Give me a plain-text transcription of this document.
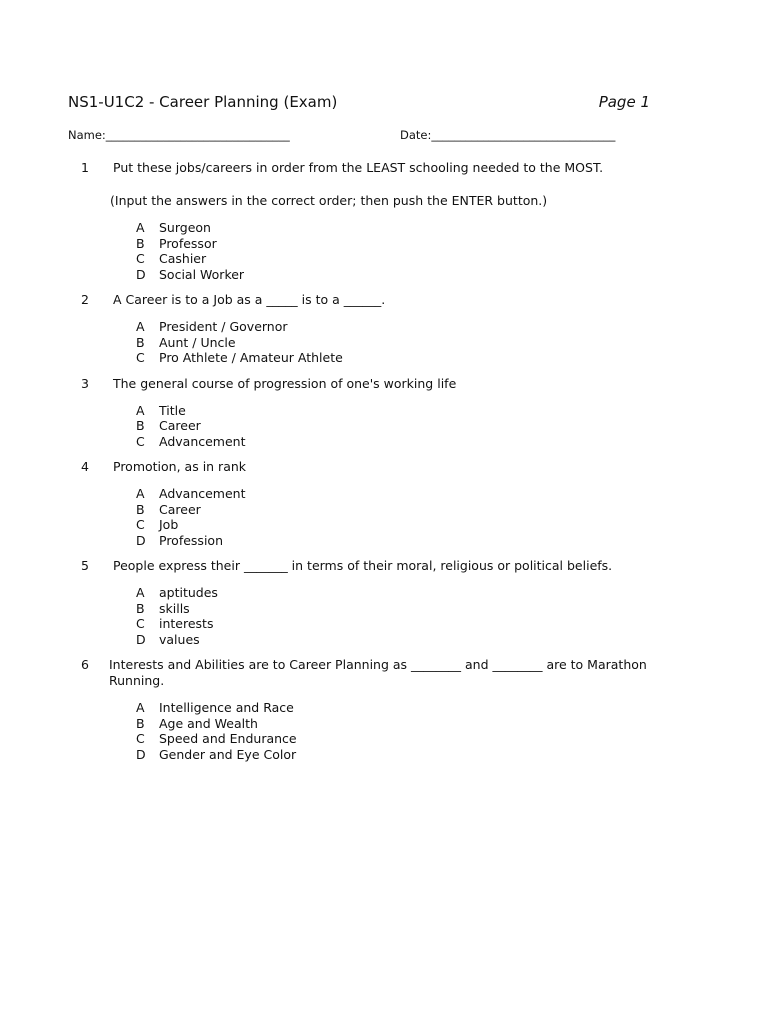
NS1-U1C2 - Career Planning (Exam)	Page 1
Name:________________________________	Date:________________________________
1	Put these jobs/careers in order from the LEAST schooling needed to the MOST.
(Input the answers in the correct order; then push the ENTER button.)
A	Surgeon
B	Professor
C	Cashier
D	Social Worker
2	A Career is to a Job as a _____ is to a ______.
A	President / Governor
B	Aunt / Uncle
C	Pro Athlete / Amateur Athlete
3	The general course of progression of one's working life
A	Title
B	Career
C	Advancement
4	Promotion, as in rank
A	Advancement
B	Career
C	Job
D	Profession
5	People express their _______ in terms of their moral, religious or political beliefs.
A	aptitudes
B	skills
C	interests
D	values
6	Interests and Abilities are to Career Planning as ________ and ________ are to Marathon Running.
A	Intelligence and Race
B	Age and Wealth
C	Speed and Endurance
D	Gender and Eye Color
